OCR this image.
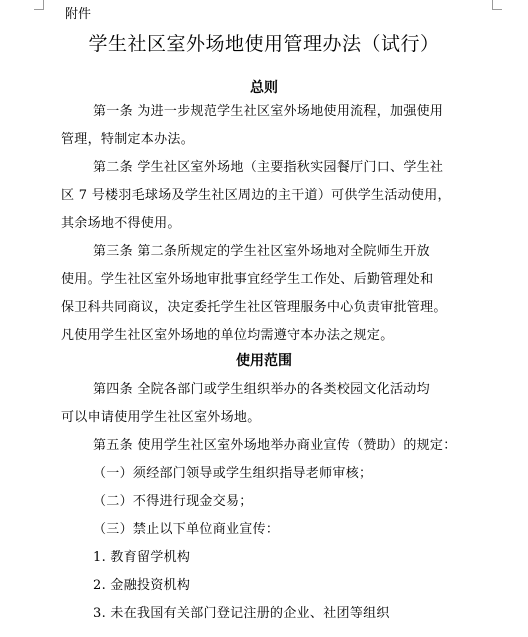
附件
学生社区室外场地使用管理办法（试行）
总则
第一条 为进一步规范学生社区室外场地使用流程，加强使用
管理，特制定本办法。
第二条 学生社区室外场地（主要指秋实园餐厅门口、学生社
区 7 号楼羽毛球场及学生社区周边的主干道）可供学生活动使用，
其余场地不得使用。
第三条 第二条所规定的学生社区室外场地对全院师生开放
使用。学生社区室外场地审批事宜经学生工作处、后勤管理处和
保卫科共同商议，决定委托学生社区管理服务中心负责审批管理。
凡使用学生社区室外场地的单位均需遵守本办法之规定。
使用范围
第四条 全院各部门或学生组织举办的各类校园文化活动均
可以申请使用学生社区室外场地。
第五条 使用学生社区室外场地举办商业宣传（赞助）的规定：
（一）须经部门领导或学生组织指导老师审核；
（二）不得进行现金交易；
（三）禁止以下单位商业宣传：
1. 教育留学机构
2. 金融投资机构
3. 未在我国有关部门登记注册的企业、社团等组织
